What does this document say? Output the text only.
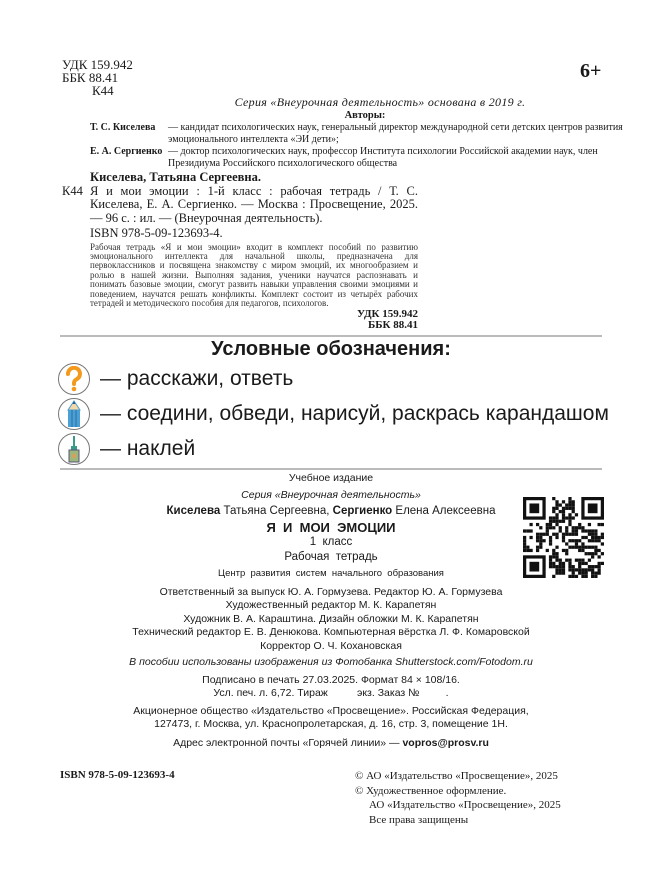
УДК 159.942
ББК 88.41
К44
6+
Серия «Внеурочная деятельность» основана в 2019 г.
Авторы:
Т. С. Киселева	— кандидат психологических наук, генеральный директор международной сети детских центров развития эмоционального интеллекта «ЭИ дети»;
Е. А. Сергиенко — доктор психологических наук, профессор Института психологии Российской академии наук, член Президиума Российского психологического общества
Киселева, Татьяна Сергеевна.
К44 Я и мои эмоции : 1-й класс : рабочая тетрадь / Т. С. Киселева, Е. А. Сергиенко. — Москва : Просвещение, 2025. — 96 с. : ил. — (Внеурочная деятельность).
ISBN 978-5-09-123693-4.
Рабочая тетрадь «Я и мои эмоции» входит в комплект пособий по развитию эмоционального интеллекта для начальной школы, предназначена для первоклассников и посвящена знакомству с миром эмоций, их многообразием и ролью в нашей жизни. Выполняя задания, ученики научатся распознавать и понимать базовые эмоции, смогут развить навыки управления своими эмоциями и поведением, научатся решать конфликты. Комплект состоит из четырёх рабочих тетрадей и методического пособия для педагогов, психологов.
УДК 159.942
ББК 88.41
Условные обозначения:
— расскажи, ответь
— соедини, обведи, нарисуй, раскрась карандашом
— наклей
Учебное издание
Серия «Внеурочная деятельность»
Киселева Татьяна Сергеевна, Сергиенко Елена Алексеевна
Я  И  МОИ  ЭМОЦИИ
1  класс
Рабочая  тетрадь
Центр  развития  систем  начального  образования
Ответственный за выпуск Ю. А. Гормузева. Редактор Ю. А. Гормузева
Художественный редактор М. К. Карапетян
Художник В. А. Караштина. Дизайн обложки М. К. Карапетян
Технический редактор Е. В. Денюкова. Компьютерная вёрстка Л. Ф. Комаровской
Корректор О. Ч. Кохановская
В пособии использованы изображения из Фотобанка Shutterstock.com/Fotodom.ru
Подписано в печать 27.03.2025. Формат 84 × 108/16.
Усл. печ. л. 6,72. Тираж          экз. Заказ №         .
Акционерное общество «Издательство «Просвещение». Российская Федерация,
127473, г. Москва, ул. Краснопролетарская, д. 16, стр. 3, помещение 1Н.
Адрес электронной почты «Горячей линии» — vopros@prosv.ru
ISBN 978-5-09-123693-4	© АО «Издательство «Просвещение», 2025
© Художественное оформление.
АО «Издательство «Просвещение», 2025
Все права защищены
